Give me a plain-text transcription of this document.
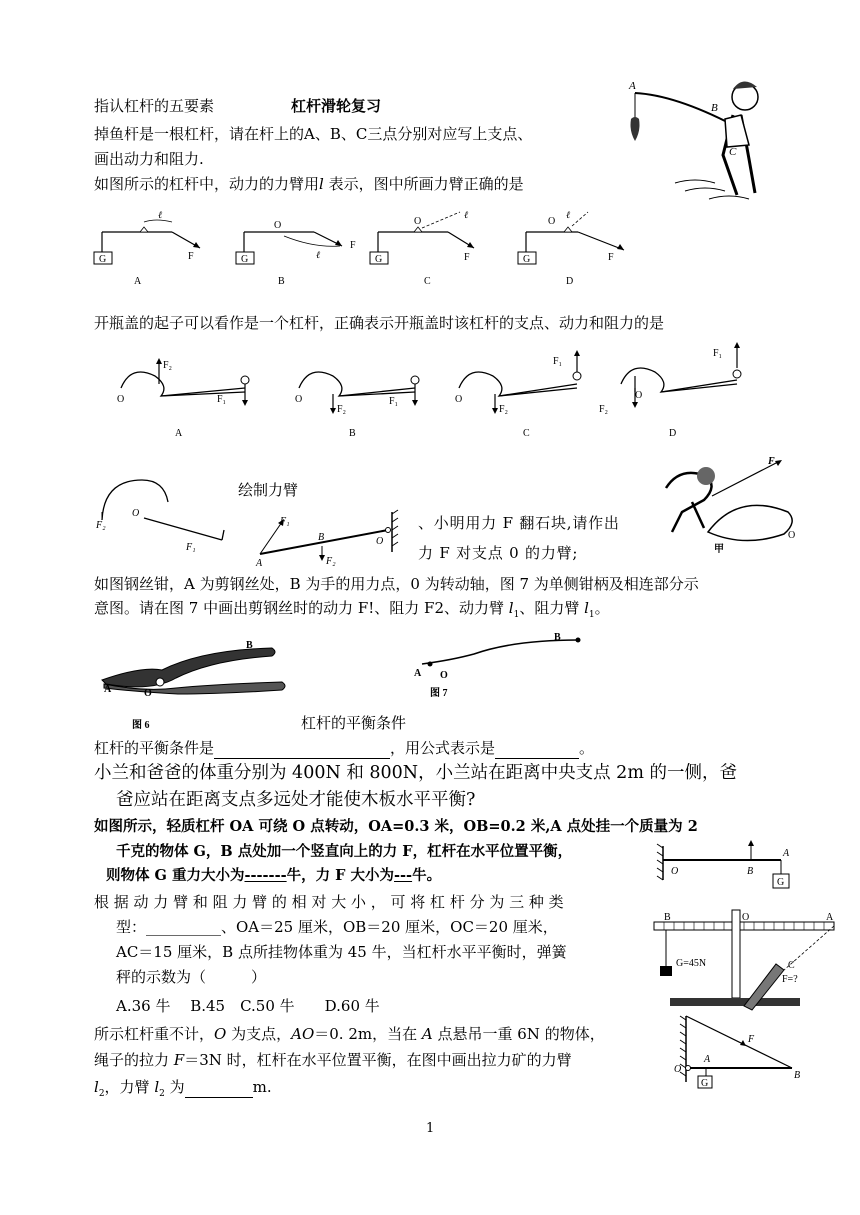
指认杠杆的五要素	杠杆滑轮复习
掉鱼杆是一根杠杆，请在杆上的A、B、C三点分别对应写上支点、
画出动力和阻力.
如图所示的杠杆中，动力的力臂用l 表示，图中所画力臂正确的是
开瓶盖的起子可以看作是一个杠杆，正确表示开瓶盖时该杠杆的支点、动力和阻力的是
绘制力臂
、小明用力 F 翻石块,请作出
力 F 对支点 0 的力臂;
如图钢丝钳，A 为剪钢丝处，B 为手的用力点，0 为转动轴，图 7 为单侧钳柄及相连部分示
意图。请在图 7 中画出剪钢丝时的动力 F!、阻力 F2、动力臂 $l_1$、阻力臂 $l_1$。
杠杆的平衡条件
杠杆的平衡条件是	，用公式表示是	。
小兰和爸爸的体重分别为 400N 和 800N，小兰站在距离中央支点 2m 的一侧，爸
爸应站在距离支点多远处才能使木板水平平衡?
如图所示，轻质杠杆 OA 可绕 O 点转动，OA=0.3 米，OB=0.2 米,A 点处挂一个质量为 2
千克的物体 G，B 点处加一个竖直向上的力 F，杠杆在水平位置平衡，
则物体 G 重力大小为-------牛，力 F 大小为---牛。
根 据 动 力 臂 和 阻 力 臂 的 相 对 大 小 ， 可 将 杠 杆 分 为 三 种 类
型：__________、OA＝25 厘米，OB＝20 厘米，OC＝20 厘米，
AC＝15 厘米，B 点所挂物体重为 45 牛，当杠杆水平平衡时，弹簧
秤的示数为（　　　）
A.36 牛　 B.45　C.50 牛　　D.60 牛
所示杠杆重不计，O 为支点，AO＝0. 2m，当在 A 点悬吊一重 6N 的物体，
绳子的拉力 F＝3N 时，杠杆在水平位置平衡，在图中画出拉力矿的力臂
$l_2$，力臂 $l_2$ 为	m.
1
A
B
C
G
ℓ
F
A
G
O
ℓ
F
B
G
O
ℓ
F
C
G
O
ℓ
F
D
F₂
F₁
O
A
F₂
F₁
O
B
F₂
F₁
O
C
F₂
F₁
O
D
F₂
O
F₁
F₁
F₂
A
B	O
F
O
甲
B
A	O
图 6
B
A O
图 7
G
O	B
A
B	O	A
C
G=45N
F=?
G
F
O
A
B
